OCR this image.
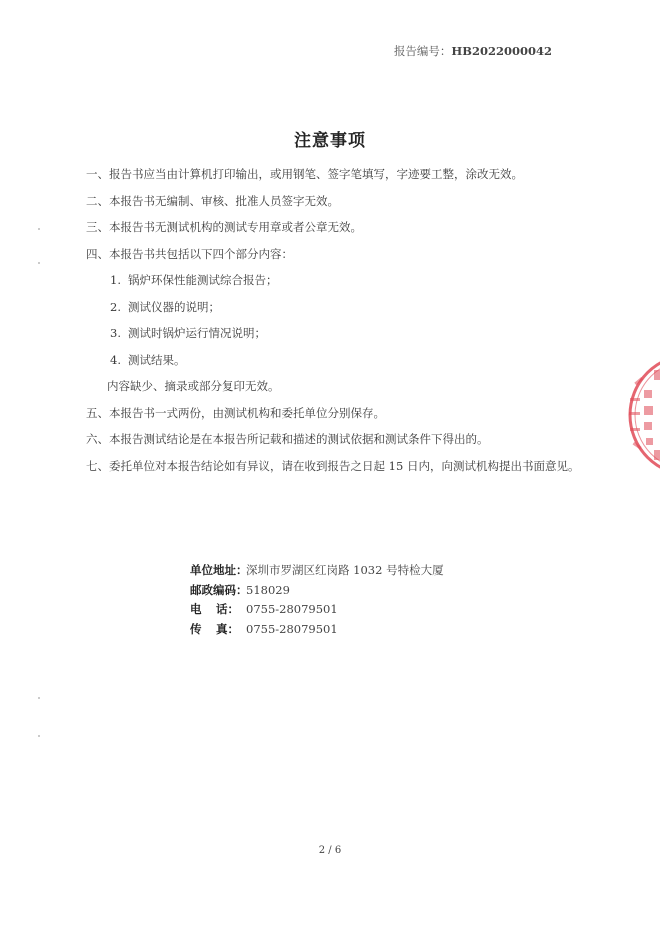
报告编号：HB2022000042
注意事项
一、报告书应当由计算机打印输出，或用钢笔、签字笔填写，字迹要工整，涂改无效。
二、本报告书无编制、审核、批准人员签字无效。
三、本报告书无测试机构的测试专用章或者公章无效。
四、本报告书共包括以下四个部分内容：
1. 锅炉环保性能测试综合报告；
2. 测试仪器的说明；
3. 测试时锅炉运行情况说明；
4. 测试结果。
内容缺少、摘录或部分复印无效。
五、本报告书一式两份，由测试机构和委托单位分别保存。
六、本报告测试结论是在本报告所记载和描述的测试依据和测试条件下得出的。
七、委托单位对本报告结论如有异议，请在收到报告之日起 15 日内，向测试机构提出书面意见。
单位地址：深圳市罗湖区红岗路 1032 号特检大厦
邮政编码：518029
电 话： 0755-28079501
传 真： 0755-28079501
2 / 6
